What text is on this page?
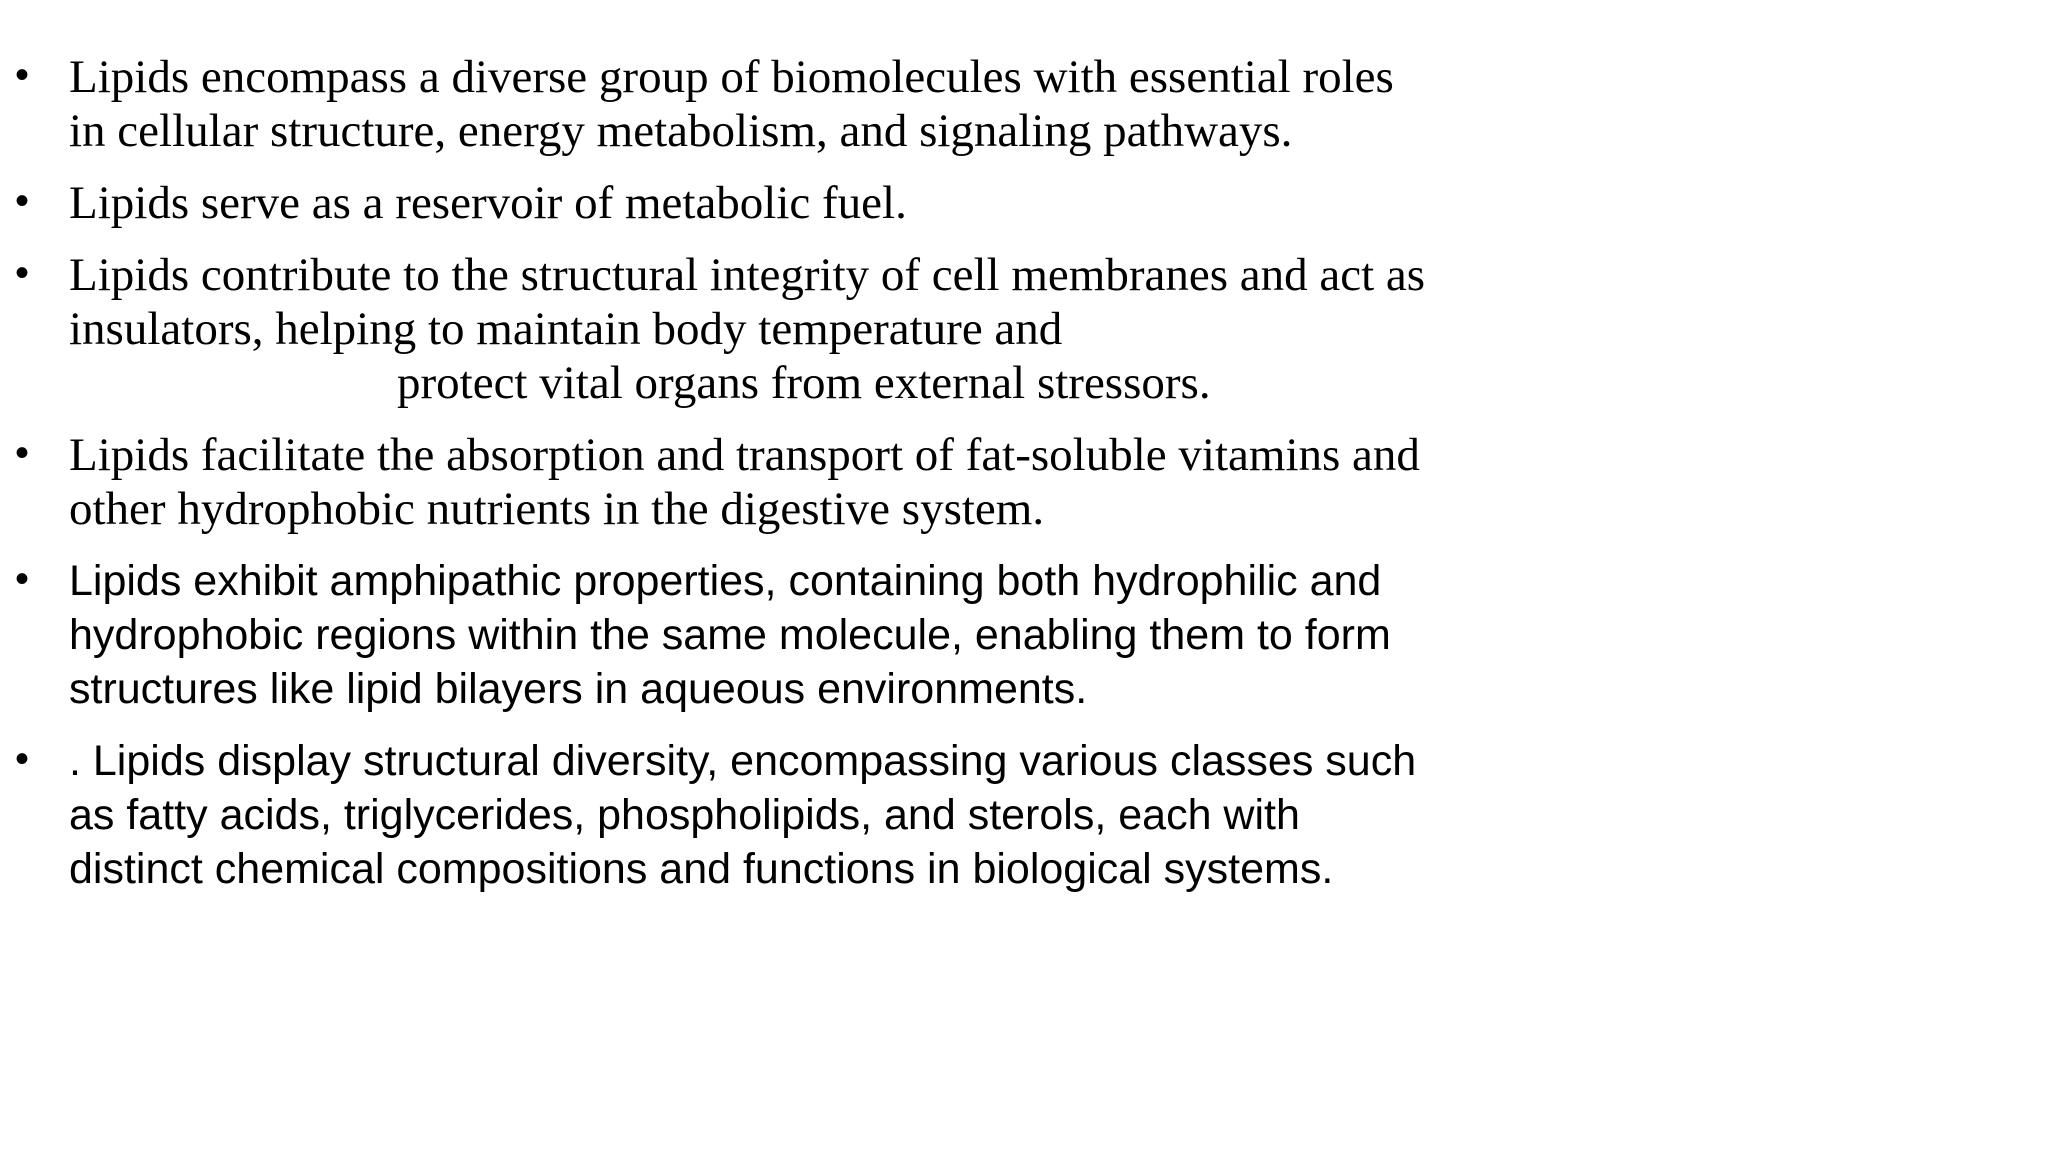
• Lipids encompass a diverse group of biomolecules with essential roles
in cellular structure, energy metabolism, and signaling pathways.
• Lipids serve as a reservoir of metabolic fuel.
• Lipids contribute to the structural integrity of cell membranes and act as
insulators, helping to maintain body temperature and
protect vital organs from external stressors.
• Lipids facilitate the absorption and transport of fat-soluble vitamins and
other hydrophobic nutrients in the digestive system.
• Lipids exhibit amphipathic properties, containing both hydrophilic and
hydrophobic regions within the same molecule, enabling them to form
structures like lipid bilayers in aqueous environments.
• . Lipids display structural diversity, encompassing various classes such
as fatty acids, triglycerides, phospholipids, and sterols, each with
distinct chemical compositions and functions in biological systems.
